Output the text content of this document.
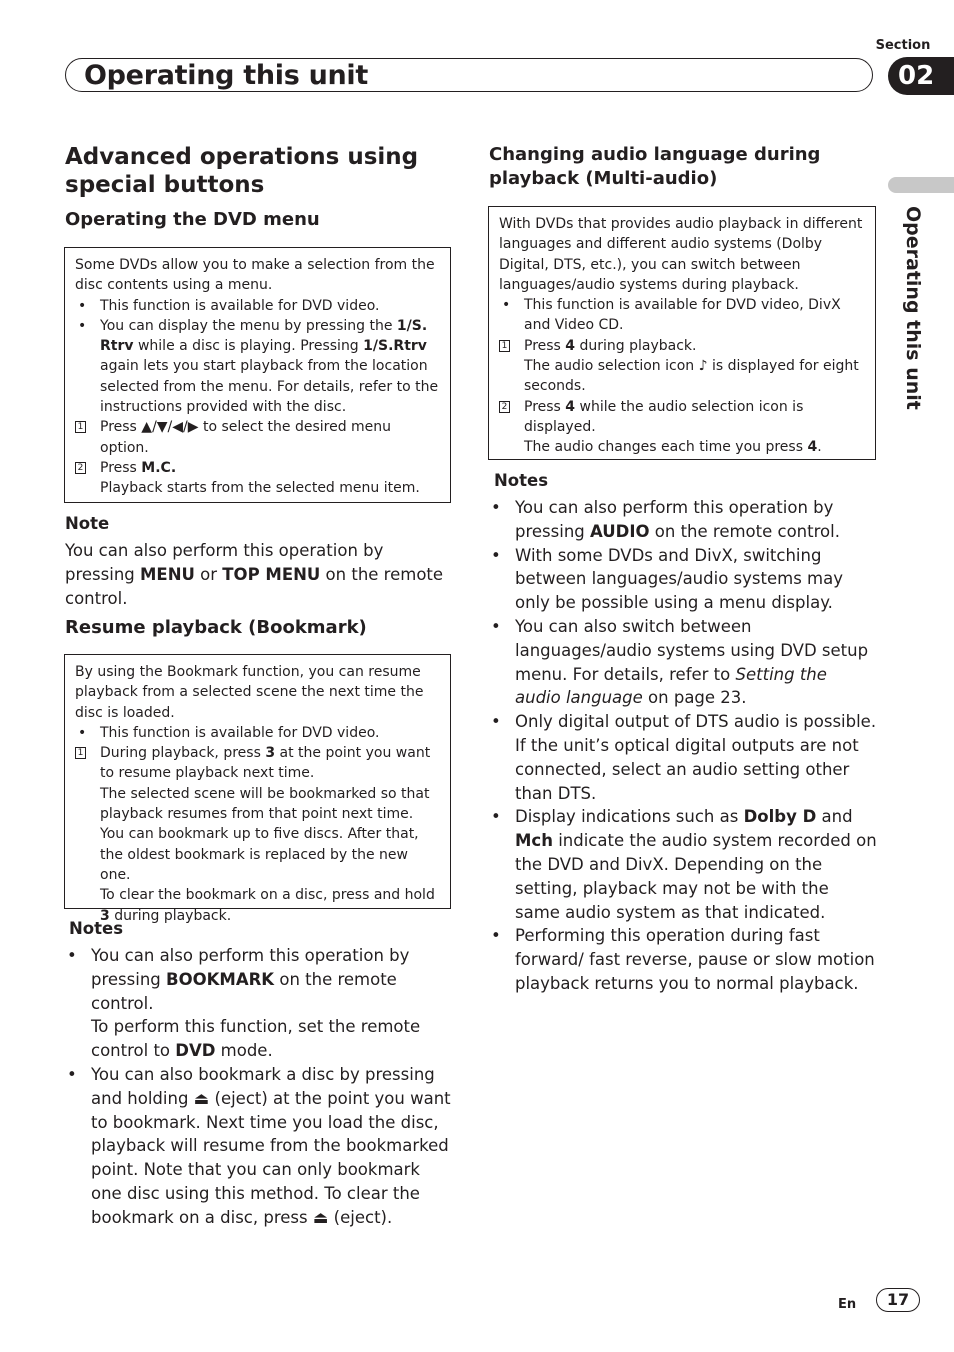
Section
Operating this unit	02
Operating this unit
Advanced operations using special buttons
Operating the DVD menu

Some DVDs allow you to make a selection from the disc contents using a menu.

• This function is available for DVD video.
• You can display the menu by pressing the 1/S. Rtrv while a disc is playing. Pressing 1/S.Rtrv again lets you start playback from the location selected from the menu. For details, refer to the instructions provided with the disc.
1 Press ▲/▼/◀/▶ to select the desired menu option.
2 Press M.C.
Playback starts from the selected menu item.
Note

You can also perform this operation by pressing MENU or TOP MENU on the remote control.

Resume playback (Bookmark)

By using the Bookmark function, you can resume playback from a selected scene the next time the disc is loaded.

• This function is available for DVD video.
1 During playback, press 3 at the point you want to resume playback next time.
The selected scene will be bookmarked so that playback resumes from that point next time. You can bookmark up to five discs. After that, the oldest bookmark is replaced by the new one.
To clear the bookmark on a disc, press and hold 3 during playback.
Notes
• You can also perform this operation by pressing BOOKMARK on the remote control.
To perform this function, set the remote control to DVD mode.
• You can also bookmark a disc by pressing and holding ⏏ (eject) at the point you want to bookmark. Next time you load the disc, playback will resume from the bookmarked point. Note that you can only bookmark one disc using this method. To clear the bookmark on a disc, press ⏏ (eject).
Changing audio language during playback (Multi-audio)

With DVDs that provides audio playback in different languages and different audio systems (Dolby Digital, DTS, etc.), you can switch between languages/audio systems during playback.

• This function is available for DVD video, DivX and Video CD.
1 Press 4 during playback.
The audio selection icon ♪ is displayed for eight seconds.
2 Press 4 while the audio selection icon is displayed.
The audio changes each time you press 4.
Notes
• You can also perform this operation by pressing AUDIO on the remote control.
• With some DVDs and DivX, switching between languages/audio systems may only be possible using a menu display.
• You can also switch between languages/audio systems using DVD setup menu. For details, refer to Setting the audio language on page 23.
• Only digital output of DTS audio is possible. If the unit’s optical digital outputs are not connected, select an audio setting other than DTS.
• Display indications such as Dolby D and Mch indicate the audio system recorded on the DVD and DivX. Depending on the setting, playback may not be with the same audio system as that indicated.
• Performing this operation during fast forward/ fast reverse, pause or slow motion playback returns you to normal playback.
En	17
